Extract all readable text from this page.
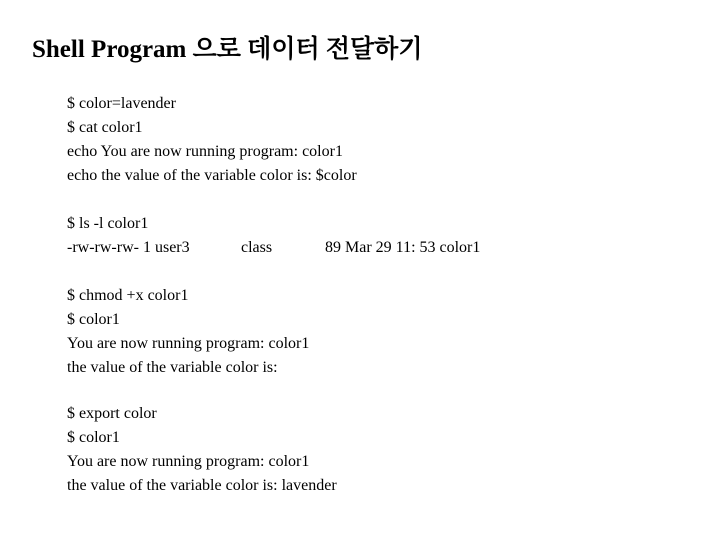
Shell Program 으로 데이터 전달하기
$ color=lavender
$ cat color1
echo You are now running program: color1
echo the value of the variable color is: $color
$ ls -l color1
-rw-rw-rw- 1 user3	class	89 Mar 29 11: 53 color1
$ chmod +x color1
$ color1
You are now running program: color1
the value of the variable color is:
$ export color
$ color1
You are now running program: color1
the value of the variable color is: lavender
